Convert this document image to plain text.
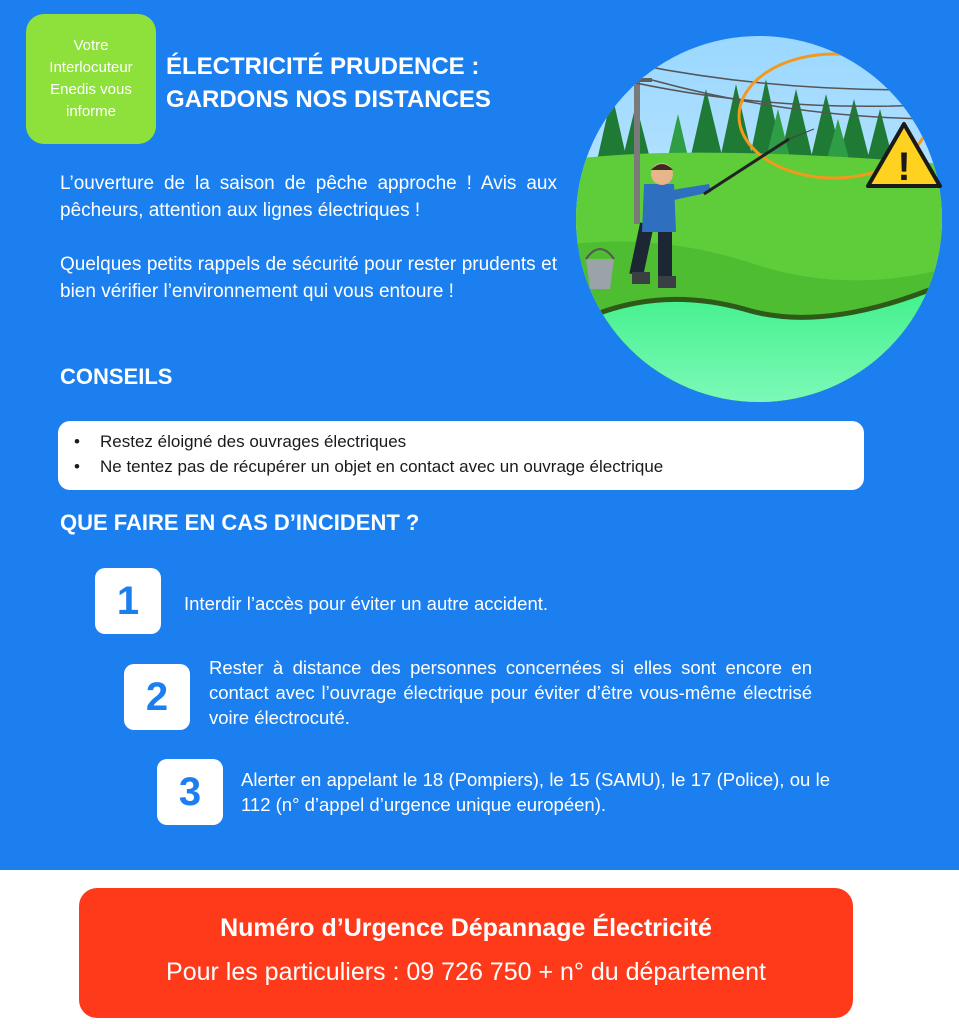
Votre
Interlocuteur
Enedis vous
informe
ÉLECTRICITÉ PRUDENCE :
GARDONS NOS DISTANCES

L’ouverture de la saison de pêche approche ! Avis aux pêcheurs, attention aux lignes électriques !

Quelques petits rappels de sécurité pour rester prudents et bien vérifier l’environnement qui vous entoure !

!
CONSEILS
• Restez éloigné des ouvrages électriques
• Ne tentez pas de récupérer un objet en contact avec un ouvrage électrique
QUE FAIRE EN CAS D’INCIDENT ?
1	Interdir l’accès pour éviter un autre accident.

2

Rester à distance des personnes concernées si elles sont encore en contact avec l’ouvrage électrique pour éviter d’être vous-même électrisé voire électrocuté.

3	Alerter en appelant le 18 (Pompiers), le 15 (SAMU), le 17 (Police), ou le 112 (n° d’appel d’urgence unique européen).

Numéro d’Urgence Dépannage Électricité
Pour les particuliers : 09 726 750 + n° du département
